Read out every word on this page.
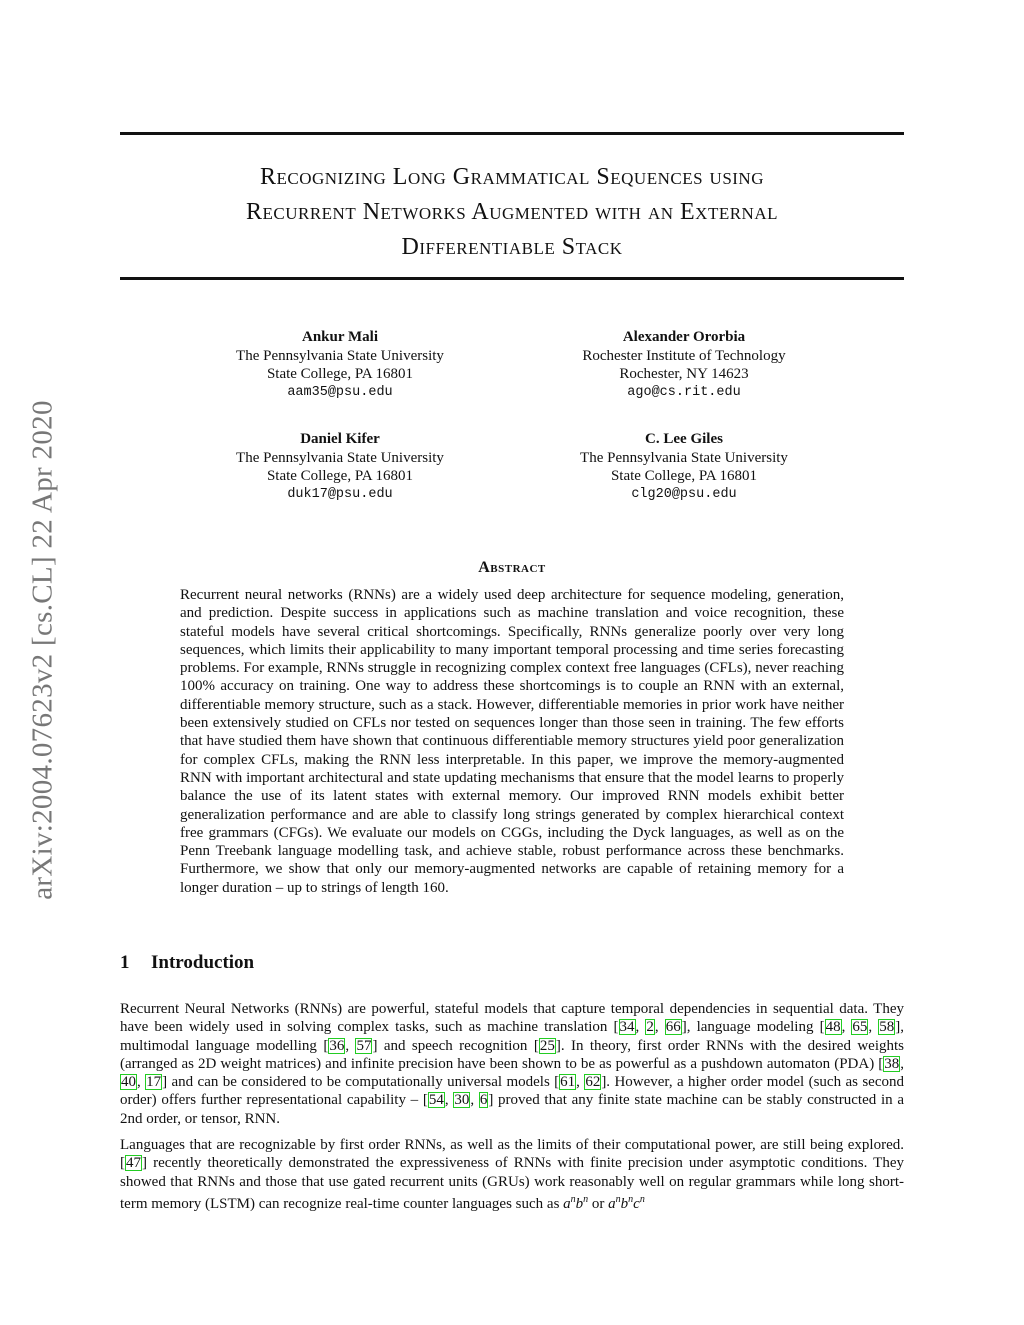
Recognizing Long Grammatical Sequences using
Recurrent Networks Augmented with an External
Differentiable Stack
arXiv:2004.07623v2 [cs.CL] 22 Apr 2020
Ankur Mali
The Pennsylvania State University
State College, PA 16801
aam35@psu.edu
Alexander Ororbia
Rochester Institute of Technology
Rochester, NY 14623
ago@cs.rit.edu
Daniel Kifer
The Pennsylvania State University
State College, PA 16801
duk17@psu.edu
C. Lee Giles
The Pennsylvania State University
State College, PA 16801
clg20@psu.edu
Abstract
Recurrent neural networks (RNNs) are a widely used deep architecture for sequence modeling, generation, and prediction. Despite success in applications such as machine translation and voice recognition, these stateful models have several critical shortcomings. Specifically, RNNs generalize poorly over very long sequences, which limits their applicability to many important temporal processing and time series forecasting problems. For example, RNNs struggle in recognizing complex context free languages (CFLs), never reaching 100% accuracy on training. One way to address these shortcomings is to couple an RNN with an external, differentiable memory structure, such as a stack. However, differentiable memories in prior work have neither been extensively studied on CFLs nor tested on sequences longer than those seen in training. The few efforts that have studied them have shown that continuous differentiable memory structures yield poor generalization for complex CFLs, making the RNN less interpretable. In this paper, we improve the memory-augmented RNN with important architectural and state updating mechanisms that ensure that the model learns to properly balance the use of its latent states with external memory. Our improved RNN models exhibit better generalization performance and are able to classify long strings generated by complex hierarchical context free grammars (CFGs). We evaluate our models on CGGs, including the Dyck languages, as well as on the Penn Treebank language modelling task, and achieve stable, robust performance across these benchmarks. Furthermore, we show that only our memory-augmented networks are capable of retaining memory for a longer duration – up to strings of length 160.
1 Introduction
Recurrent Neural Networks (RNNs) are powerful, stateful models that capture temporal dependencies in sequential data. They have been widely used in solving complex tasks, such as machine translation [34, 2, 66], language modeling [48, 65, 58], multimodal language modelling [36, 57] and speech recognition [25]. In theory, first order RNNs with the desired weights (arranged as 2D weight matrices) and infinite precision have been shown to be as powerful as a pushdown automaton (PDA) [38, 40, 17] and can be considered to be computationally universal models [61, 62]. However, a higher order model (such as second order) offers further representational capability – [54, 30, 6] proved that any finite state machine can be stably constructed in a 2nd order, or tensor, RNN.
Languages that are recognizable by first order RNNs, as well as the limits of their computational power, are still being explored. [47] recently theoretically demonstrated the expressiveness of RNNs with finite precision under asymptotic conditions. They showed that RNNs and those that use gated recurrent units (GRUs) work reasonably well on regular grammars while long short-term memory (LSTM) can recognize real-time counter languages such as $a^nb^n$ or $a^nb^nc^n$
